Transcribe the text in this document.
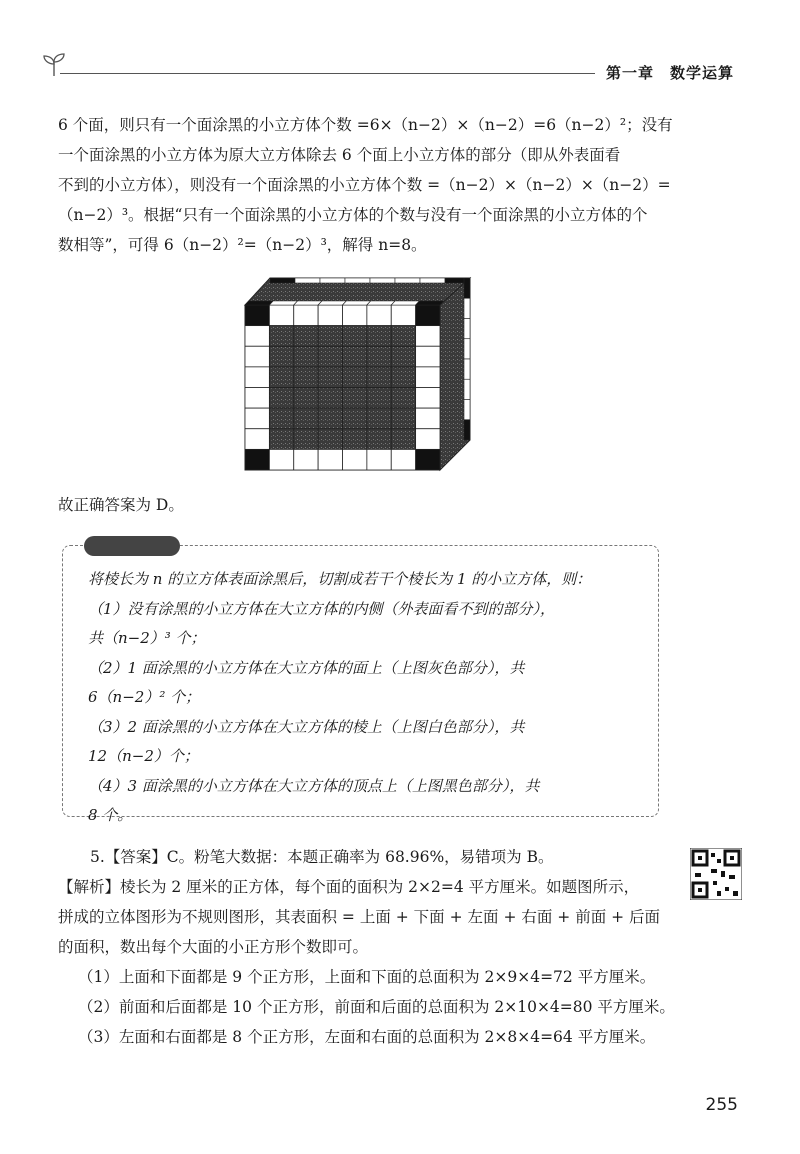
第一章　数学运算

6 个面，则只有一个面涂黑的小立方体个数 =6×（n−2）×（n−2）=6（n−2）²；没有

一个面涂黑的小立方体为原大立方体除去 6 个面上小立方体的部分（即从外表面看

不到的小立方体），则没有一个面涂黑的小立方体个数 =（n−2）×（n−2）×（n−2）=

（n−2）³。根据“只有一个面涂黑的小立方体的个数与没有一个面涂黑的小立方体的个

数相等”，可得 6（n−2）²=（n−2）³，解得 n=8。

故正确答案为 D。

将棱长为 n 的立方体表面涂黑后，切割成若干个棱长为 1 的小立方体，则：

（1）没有涂黑的小立方体在大立方体的内侧（外表面看不到的部分），

共（n−2）³ 个；

（2）1 面涂黑的小立方体在大立方体的面上（上图灰色部分），共

6（n−2）² 个；

（3）2 面涂黑的小立方体在大立方体的棱上（上图白色部分），共

12（n−2）个；

（4）3 面涂黑的小立方体在大立方体的顶点上（上图黑色部分），共

8 个。

5.【答案】C。粉笔大数据：本题正确率为 68.96%，易错项为 B。

【解析】棱长为 2 厘米的正方体，每个面的面积为 2×2=4 平方厘米。如题图所示，

拼成的立体图形为不规则图形，其表面积 = 上面 + 下面 + 左面 + 右面 + 前面 + 后面

的面积，数出每个大面的小正方形个数即可。

（1）上面和下面都是 9 个正方形，上面和下面的总面积为 2×9×4=72 平方厘米。

（2）前面和后面都是 10 个正方形，前面和后面的总面积为 2×10×4=80 平方厘米。

（3）左面和右面都是 8 个正方形，左面和右面的总面积为 2×8×4=64 平方厘米。

255
